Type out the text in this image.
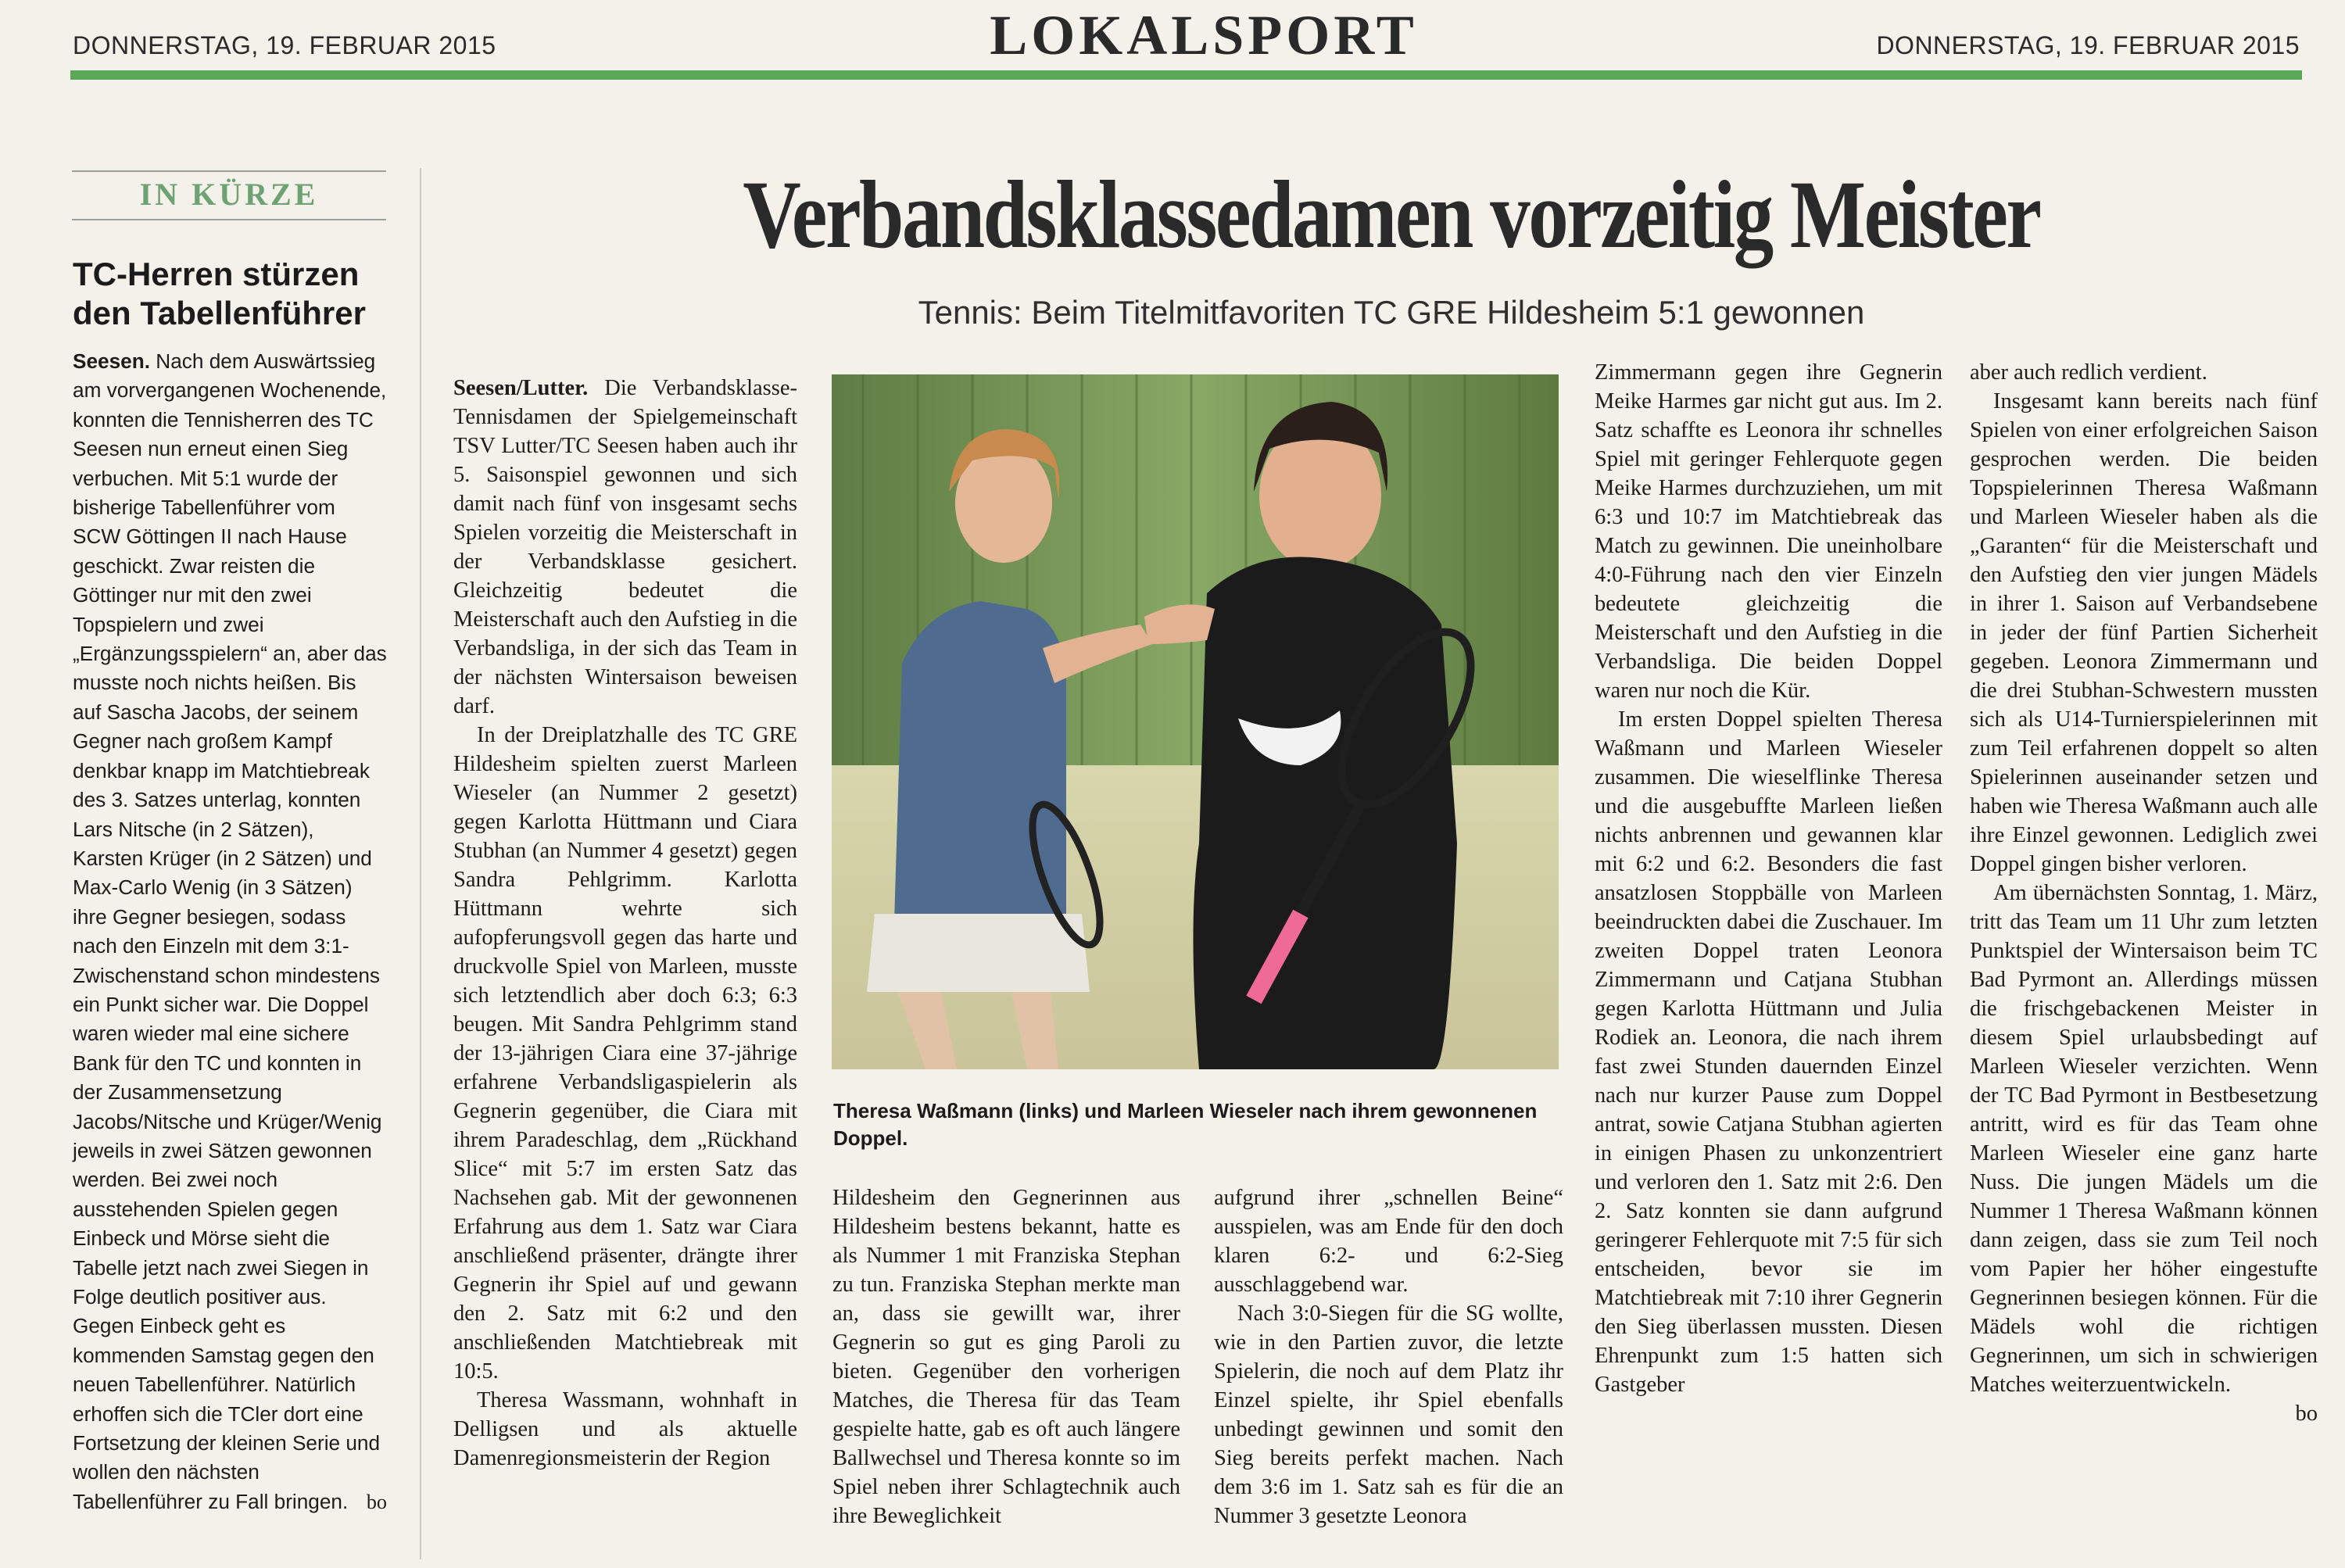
DONNERSTAG, 19. FEBRUAR 2015	LOKALSPORT	DONNERSTAG, 19. FEBRUAR 2015
IN KÜRZE
TC-Herren stürzen den Tabellenführer
Seesen. Nach dem Auswärtssieg am vorvergangenen Wochenende, konnten die Tennisherren des TC Seesen nun erneut einen Sieg verbuchen. Mit 5:1 wurde der bisherige Tabellenführer vom SCW Göttingen II nach Hause geschickt. Zwar reisten die Göttinger nur mit den zwei Topspielern und zwei „Ergänzungsspielern“ an, aber das musste noch nichts heißen. Bis auf Sascha Jacobs, der seinem Gegner nach großem Kampf denkbar knapp im Matchtiebreak des 3. Satzes unterlag, konnten Lars Nitsche (in 2 Sätzen), Karsten Krüger (in 2 Sätzen) und Max-Carlo Wenig (in 3 Sätzen) ihre Gegner besiegen, sodass nach den Einzeln mit dem 3:1-Zwischenstand schon mindestens ein Punkt sicher war. Die Doppel waren wieder mal eine sichere Bank für den TC und konnten in der Zusammensetzung Jacobs/Nitsche und Krüger/Wenig jeweils in zwei Sätzen gewonnen werden. Bei zwei noch ausstehenden Spielen gegen Einbeck und Mörse sieht die Tabelle jetzt nach zwei Siegen in Folge deutlich positiver aus. Gegen Einbeck geht es kommenden Samstag gegen den neuen Tabellenführer. Natürlich erhoffen sich die TCler dort eine Fortsetzung der kleinen Serie und wollen den nächsten Tabellenführer zu Fall bringen. bo
Verbandsklassedamen vorzeitig Meister
Tennis: Beim Titelmitfavoriten TC GRE Hildesheim 5:1 gewonnen

Seesen/Lutter. Die Verbandsklasse-Tennisdamen der Spielgemeinschaft TSV Lutter/TC Seesen haben auch ihr 5. Saisonspiel gewonnen und sich damit nach fünf von insgesamt sechs Spielen vorzeitig die Meisterschaft in der Verbandsklasse gesichert. Gleichzeitig bedeutet die Meisterschaft auch den Aufstieg in die Verbandsliga, in der sich das Team in der nächsten Wintersaison beweisen darf.

In der Dreiplatzhalle des TC GRE Hildesheim spielten zuerst Marleen Wieseler (an Nummer 2 gesetzt) gegen Karlotta Hüttmann und Ciara Stubhan (an Nummer 4 gesetzt) gegen Sandra Pehlgrimm. Karlotta Hüttmann wehrte sich aufopferungsvoll gegen das harte und druckvolle Spiel von Marleen, musste sich letztendlich aber doch 6:3; 6:3 beugen. Mit Sandra Pehlgrimm stand der 13-jährigen Ciara eine 37-jährige erfahrene Verbandsligaspielerin als Gegnerin gegenüber, die Ciara mit ihrem Paradeschlag, dem „Rückhand Slice“ mit 5:7 im ersten Satz das Nachsehen gab. Mit der gewonnenen Erfahrung aus dem 1. Satz war Ciara anschließend präsenter, drängte ihrer Gegnerin ihr Spiel auf und gewann den 2. Satz mit 6:2 und den anschließenden Matchtiebreak mit 10:5.

Theresa Wassmann, wohnhaft in Delligsen und als aktuelle Damenregionsmeisterin der Region

Theresa Waßmann (links) und Marleen Wieseler nach ihrem gewonnenen Doppel.

Hildesheim den Gegnerinnen aus Hildesheim bestens bekannt, hatte es als Nummer 1 mit Franziska Stephan zu tun. Franziska Stephan merkte man an, dass sie gewillt war, ihrer Gegnerin so gut es ging Paroli zu bieten. Gegenüber den vorherigen Matches, die Theresa für das Team gespielte hatte, gab es oft auch längere Ballwechsel und Theresa konnte so im Spiel neben ihrer Schlagtechnik auch ihre Beweglichkeit

aufgrund ihrer „schnellen Beine“ ausspielen, was am Ende für den doch klaren 6:2- und 6:2-Sieg ausschlaggebend war.

Nach 3:0-Siegen für die SG wollte, wie in den Partien zuvor, die letzte Spielerin, die noch auf dem Platz ihr Einzel spielte, ihr Spiel ebenfalls unbedingt gewinnen und somit den Sieg bereits perfekt machen. Nach dem 3:6 im 1. Satz sah es für die an Nummer 3 gesetzte Leonora

Zimmermann gegen ihre Gegnerin Meike Harmes gar nicht gut aus. Im 2. Satz schaffte es Leonora ihr schnelles Spiel mit geringer Fehlerquote gegen Meike Harmes durchzuziehen, um mit 6:3 und 10:7 im Matchtiebreak das Match zu gewinnen. Die uneinholbare 4:0-Führung nach den vier Einzeln bedeutete gleichzeitig die Meisterschaft und den Aufstieg in die Verbandsliga. Die beiden Doppel waren nur noch die Kür.

Im ersten Doppel spielten Theresa Waßmann und Marleen Wieseler zusammen. Die wieselflinke Theresa und die ausgebuffte Marleen ließen nichts anbrennen und gewannen klar mit 6:2 und 6:2. Besonders die fast ansatzlosen Stoppbälle von Marleen beeindruckten dabei die Zuschauer. Im zweiten Doppel traten Leonora Zimmermann und Catjana Stubhan gegen Karlotta Hüttmann und Julia Rodiek an. Leonora, die nach ihrem fast zwei Stunden dauernden Einzel nach nur kurzer Pause zum Doppel antrat, sowie Catjana Stubhan agierten in einigen Phasen zu unkonzentriert und verloren den 1. Satz mit 2:6. Den 2. Satz konnten sie dann aufgrund geringerer Fehlerquote mit 7:5 für sich entscheiden, bevor sie im Matchtiebreak mit 7:10 ihrer Gegnerin den Sieg überlassen mussten. Diesen Ehrenpunkt zum 1:5 hatten sich Gastgeber

aber auch redlich verdient.

Insgesamt kann bereits nach fünf Spielen von einer erfolgreichen Saison gesprochen werden. Die beiden Topspielerinnen Theresa Waßmann und Marleen Wieseler haben als die „Garanten“ für die Meisterschaft und den Aufstieg den vier jungen Mädels in ihrer 1. Saison auf Verbandsebene in jeder der fünf Partien Sicherheit gegeben. Leonora Zimmermann und die drei Stubhan-Schwestern mussten sich als U14-Turnierspielerinnen mit zum Teil erfahrenen doppelt so alten Spielerinnen auseinander setzen und haben wie Theresa Waßmann auch alle ihre Einzel gewonnen. Lediglich zwei Doppel gingen bisher verloren.

Am übernächsten Sonntag, 1. März, tritt das Team um 11 Uhr zum letzten Punktspiel der Wintersaison beim TC Bad Pyrmont an. Allerdings müssen die frischgebackenen Meister in diesem Spiel urlaubsbedingt auf Marleen Wieseler verzichten. Wenn der TC Bad Pyrmont in Bestbesetzung antritt, wird es für das Team ohne Marleen Wieseler eine ganz harte Nuss. Die jungen Mädels um die Nummer 1 Theresa Waßmann können dann zeigen, dass sie zum Teil noch vom Papier her höher eingestufte Gegnerinnen besiegen können. Für die Mädels wohl die richtigen Gegnerinnen, um sich in schwierigen Matches weiterzuentwickeln.

bo
